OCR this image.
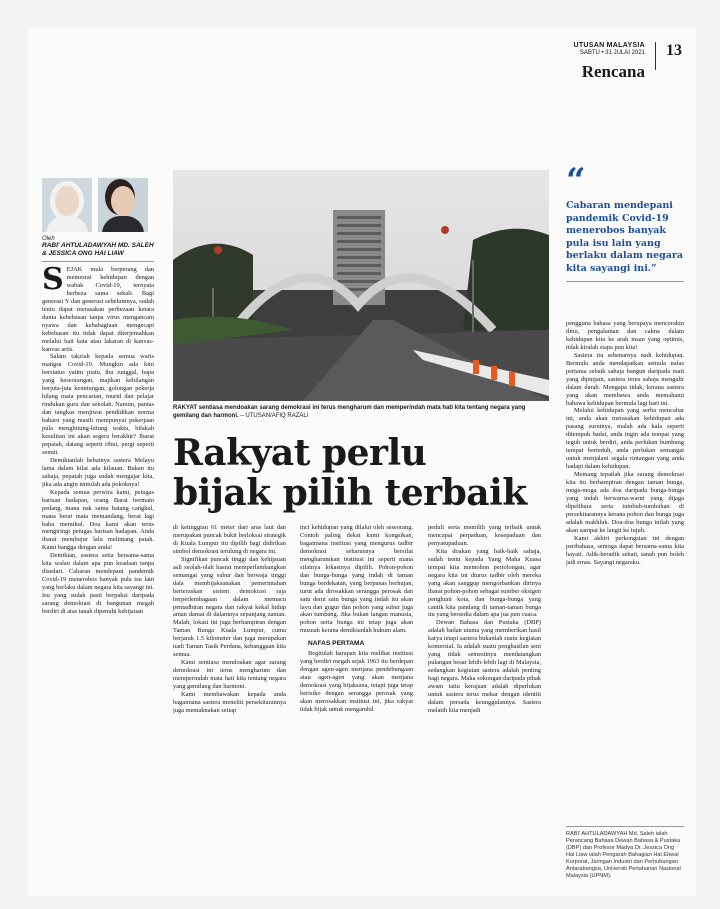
UTUSAN MALAYSIA
SABTU • 31 JULAI 2021
Rencana
13
Oleh
RABI' AHTULADAWYAH MD. SALEH & JESSICA ONG HAI LIAW
RAKYAT sentiasa mendoakan sarang demokrasi ini terus mengharum dan memperindah mata hati kita tentang negara yang gemilang dan harmoni. – UTUSAN/AFIQ RAZALI
Rakyat perlu
bijak pilih terbaik
“
Cabaran mendepani pandemik Covid-19 menerobos banyak pula isu lain yang berlaku dalam negara kita sayangi ini.”

SEJAK mula berperang dan memesrai kehidupan dengan wabak Covid-19, ternyata berbeza sama sekali. Bagi generasi Y dan generasi sebelumnya, sudah tentu dapat merasakan perbezaan ketara dunia kebebasan tanpa virus mengancam nyawa dan kebahagiaan mengecapi kebebasan itu tidak dapat diterjemahkan melalui bait kata atau lakaran di kanvas-kanvas artis.

Salam takziah kepada semua waris mangsa Covid-19. Mungkin ada kini berstatus yatim piatu, ibu tunggal, bapa yang keseorangan, majikan kehilangan berjuta-juta keuntungan, golongan pekerja hilang mata pencarian, murid dan pelajar rindukan guru dan sekolah. Namun, pantas dan tangkas menjiwai pendidikan norma baharu yang masih mempunyai pekerjaan pula menghitung-hitung waktu, bilakah kesulitan ini akan segera berakhir? Ibarat pepatah, datang seperti ribut, pergi seperti semut.

Demikianlah hebatnya sastera Melayu lama dalam kilat ada kilauan. Bukan itu sahaja, pepatah juga sudah mengajar kita, jika ada angin tentulah ada pokoknya!

Kepada semua perwira kami, petugas barisan hadapan, orang Barat bermain pedang, mana nak sama batang cangkul, mana berat mata memandang, berat lagi bahu memikul. Doa kami akan terus mengiringi petugas barisan hadapan. Anda ibarat membujur lalu melintang patah. Kami bangga dengan anda!

Demikian, sastera setia bersama-sama kita walau dalam apa pun keadaan tanpa disedari. Cabaran mendepani pandemik Covid-19 menerobos banyak pula isu lain yang berlaku dalam negara kita sayangi ini. Isu yang sudah pasti berpaksi daripada sarang demokrasi di bangunan megah berdiri di atas tanah dipenuhi kehijauan

di ketinggian 61 meter dari aras laut dan merupakan puncak bukit berloksai strategik di Kuala Lumpur itu dipilih bagi didirikan simbol demokrasi terulung di negara ini.

Signifikan puncak tinggi dan kehijauan asli seolah-olah hasrat memperlambangkan semangat yang subur dan berwaja tinggi dala membijaksanakan pemerintahan berteraskan sistem demokrasi raja berperlembagaan dalam memacu pentadbiran negara dan rakyat kekal hidup aman damai di dalamnya sepanjang zaman. Malah, lokasi ini juga berhampiran dengan Taman Bunga Kuala Lumpur, cuma berjarak 1.5 kilometer dan juga merupakan nadi Taman Tasik Perdana, kebanggaan kita semua.

Kami sentiasa mendoakan agar sarang demokrasi ini terus mengharum dan memperindah mata hati kita tentang negara yang gemilang dan harmoni.

Kami membawakan kepada anda bagaimana sastera meneliti persekitarannya juga memaknakan setiap

inci kehidupan yang dilalui oleh seseorang. Contoh paling dekat kami kongsikan, bagaimana institusi yang mengurus tadbir demokrasi seharusnya bersifat mengharumkan institusi ini seperti mana sifatnya lokasinya dipilih. Pohon-pohon dan bunga-bunga yang indah di taman bunga berdekatan, yang berpanas berhujan, turut ada dirosakkan serangga perosak dan satu demi satu bunga yang indah itu akan layu dan gugur dan pohon yang subur juga akan tumbang. Jika bukan tangan manusia, pohon serta bunga ini tetap juga akan musnah kerana demikianlah hukum alam.

NAFAS PERTAMA

Begitulah harapan kita melihat institusi yang berdiri megah sejak 1963 itu berdepan dengan agen-agen menjana pendebungaan atau agen-agen yang akan menjana demokrasi yang bijaksana, tetapi juga tetap berisiko dengan serangga perosak yang akan merosakkan institusi ini, jika rakyat tidak bijak untuk mengambil

peduli serta memilih yang terbaik untuk mencapai perpaduan, kesepaduan dan penyatupaduan.

Kita doakan yang baik-baik sahaja, sudah tentu kepada Yang Maha Kuasa tempat kita memohon pertolongan, agar negara kita ini diurus tadbir oleh mereka yang akan sanggup mengorbankan dirinya ibarat pohon-pohon sebagai sumber oksigen penghuni kota, dan bunga-bunga yang cantik kita pandang di taman-taman bunga itu yang bersedia dalam apa jua pun cuaca.

Dewan Bahasa dan Pustaka (DBP) adalah badan utama yang memberikan hasil karya tetapi sastera bukanlah suatu kegiatan komersial. Ia adalah suatu penghasilan seni yang tidak semestinya mendatangkan pulangan besar lebih-lebih lagi di Malaysia, sedangkan kegiatan sastera adalah penting bagi negara. Maka sokongan daripada pihak awam iaitu kerajaan adalah diperlukan untuk sastera terus mekar dengan identiti dalam persada keunggulannya. Sastera melatih kita menjadi

pengguna bahasa yang berupaya mencerakin ilmu, pengalaman dan cakna dalam kehidupan kita ke arah insan yang optimis, tidak kiralah siapa pun kita!

Sastera itu sebenarnya nadi kehidupan. Bermula anda mendapatkan semula nafas pertama sebaik sahaja bangun daripada mati yang dipinjam, sastera terus sahaja mengalir dalam darah. Mengapa tidak, kerana sastera yang akan membawa anda memahami bahawa kehidupan bermula lagi hari ini.

Melalui kehidupan yang serba mencabar ini, anda akan merasakan kehidupan ada pasang surutnya, malah ada kala seperti ditempuh badai, anda ingin ada tempat yang teguh untuk berdiri, anda perlukan bumbung tempat berteduh, anda perlukan semangat untuk menjalani segala rintangan yang anda hadapi dalam kehidupan.

Memang tepatlah jika sarang demokrasi kita itu berhampiran dengan taman bunga, moga-moga ada doa daripada bunga-bunga yang indah berwarna-warni yang dijaga dipelihara serta tumbuh-tumbuhan di persekitarannya kerana pohon dan bunga juga adalah makhluk. Doa-doa bunga inilah yang akan sampai ke langit ke tujuh.

Kami akhiri perkongsian ini dengan peribahasa, semoga dapat bersama-sama kita hayati. Adik-beradik sehati, tanah pun boleh jadi emas. Sayangi negaraku.

RABI' AHTULADAWYAH Md. Saleh ialah Perancang Bahasa Dewan Bahasa & Pustaka (DBP) dan Profesor Madya Dr. Jessica Ong Hai Liaw ialah Pengarah Bahagian Hal Ehwal Korporat, Jaringan Industri dan Perhubungan Antarabangsa, Universiti Pertahanan Nasional Malaysia (UPNM).
